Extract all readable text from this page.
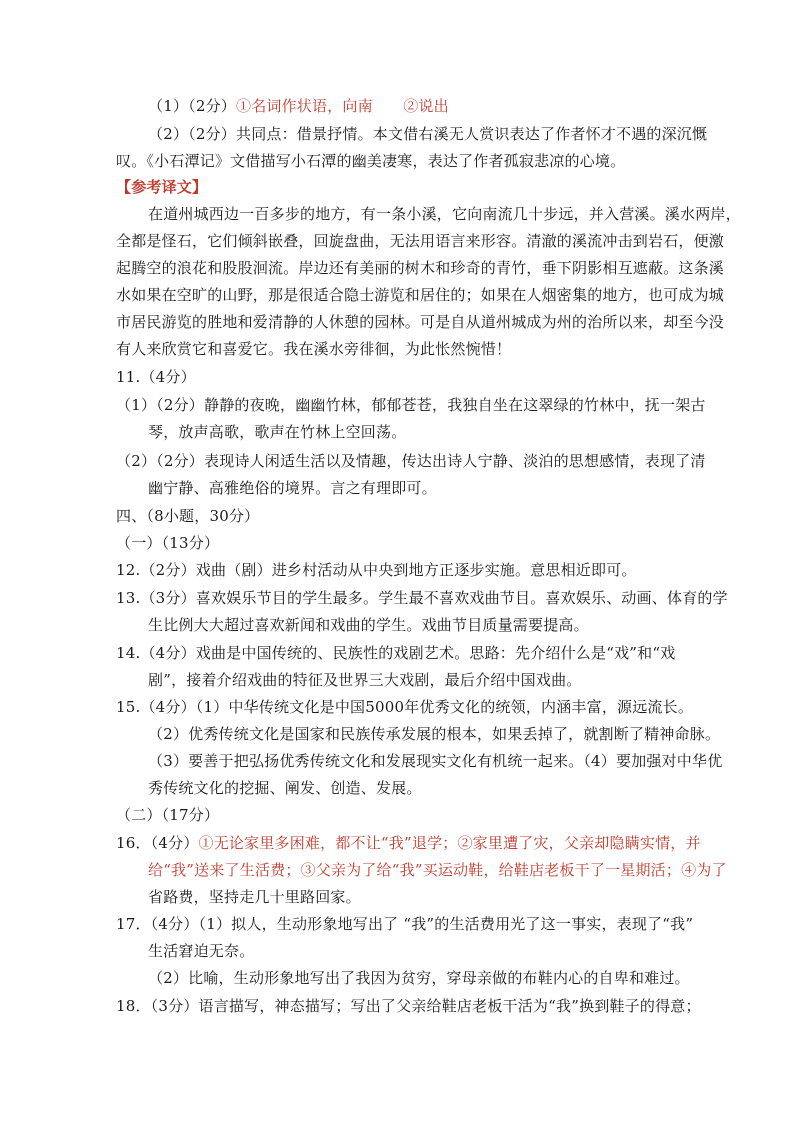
（1）（2分）①名词作状语，向南　　②说出
（2）（2分）共同点：借景抒情。本文借右溪无人赏识表达了作者怀才不遇的深沉慨
叹。《小石潭记》文借描写小石潭的幽美凄寒，表达了作者孤寂悲凉的心境。
【参考译文】
在道州城西边一百多步的地方，有一条小溪，它向南流几十步远，并入营溪。溪水两岸，
全都是怪石，它们倾斜嵌叠，回旋盘曲，无法用语言来形容。清澈的溪流冲击到岩石，便激
起腾空的浪花和股股洄流。岸边还有美丽的树木和珍奇的青竹，垂下阴影相互遮蔽。这条溪
水如果在空旷的山野，那是很适合隐士游览和居住的；如果在人烟密集的地方，也可成为城
市居民游览的胜地和爱清静的人休憩的园林。可是自从道州城成为州的治所以来，却至今没
有人来欣赏它和喜爱它。我在溪水旁徘徊，为此怅然惋惜！
11.（4分）
（1）（2分）静静的夜晚，幽幽竹林，郁郁苍苍，我独自坐在这翠绿的竹林中，抚一架古
琴，放声高歌，歌声在竹林上空回荡。
（2）（2分）表现诗人闲适生活以及情趣，传达出诗人宁静、淡泊的思想感情，表现了清
幽宁静、高雅绝俗的境界。言之有理即可。
四、（8小题，30分）
（一）（13分）
12.（2分）戏曲（剧）进乡村活动从中央到地方正逐步实施。意思相近即可。
13.（3分）喜欢娱乐节目的学生最多。学生最不喜欢戏曲节目。喜欢娱乐、动画、体育的学
生比例大大超过喜欢新闻和戏曲的学生。戏曲节目质量需要提高。
14.（4分）戏曲是中国传统的、民族性的戏剧艺术。思路：先介绍什么是“戏”和“戏
剧”，接着介绍戏曲的特征及世界三大戏剧，最后介绍中国戏曲。
15.（4分）（1）中华传统文化是中国5000年优秀文化的统领，内涵丰富，源远流长。
（2）优秀传统文化是国家和民族传承发展的根本，如果丢掉了，就割断了精神命脉。
（3）要善于把弘扬优秀传统文化和发展现实文化有机统一起来。（4）要加强对中华优
秀传统文化的挖掘、阐发、创造、发展。
（二）（17分）
16．（4分）①无论家里多困难，都不让“我”退学；②家里遭了灾，父亲却隐瞒实情，并
给“我”送来了生活费；③父亲为了给“我”买运动鞋，给鞋店老板干了一星期活；④为了
省路费，坚持走几十里路回家。
17．（4分）（1）拟人，生动形象地写出了 “我”的生活费用光了这一事实，表现了“我”
生活窘迫无奈。
（2）比喻，生动形象地写出了我因为贫穷，穿母亲做的布鞋内心的自卑和难过。
18．（3分）语言描写，神态描写；写出了父亲给鞋店老板干活为“我”换到鞋子的得意；
